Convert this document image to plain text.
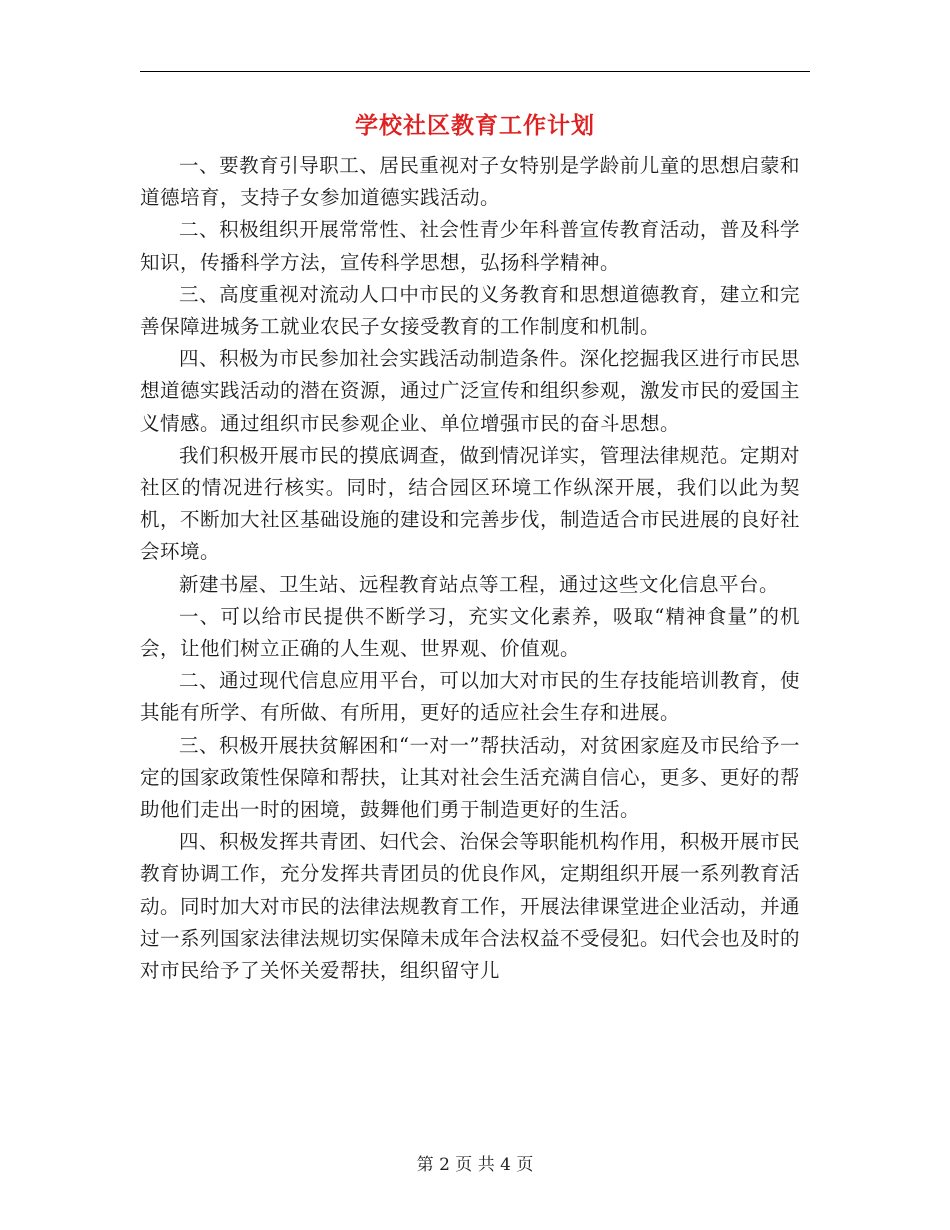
学校社区教育工作计划

一、要教育引导职工、居民重视对子女特别是学龄前儿童的思想启蒙和道德培育，支持子女参加道德实践活动。

二、积极组织开展常常性、社会性青少年科普宣传教育活动，普及科学知识，传播科学方法，宣传科学思想，弘扬科学精神。

三、高度重视对流动人口中市民的义务教育和思想道德教育，建立和完善保障进城务工就业农民子女接受教育的工作制度和机制。

四、积极为市民参加社会实践活动制造条件。深化挖掘我区进行市民思想道德实践活动的潜在资源，通过广泛宣传和组织参观，激发市民的爱国主义情感。通过组织市民参观企业、单位增强市民的奋斗思想。

我们积极开展市民的摸底调查，做到情况详实，管理法律规范。定期对社区的情况进行核实。同时，结合园区环境工作纵深开展，我们以此为契机，不断加大社区基础设施的建设和完善步伐，制造适合市民进展的良好社会环境。

新建书屋、卫生站、远程教育站点等工程，通过这些文化信息平台。

一、可以给市民提供不断学习，充实文化素养，吸取“精神食量”的机会，让他们树立正确的人生观、世界观、价值观。

二、通过现代信息应用平台，可以加大对市民的生存技能培训教育，使其能有所学、有所做、有所用，更好的适应社会生存和进展。

三、积极开展扶贫解困和“一对一”帮扶活动，对贫困家庭及市民给予一定的国家政策性保障和帮扶，让其对社会生活充满自信心，更多、更好的帮助他们走出一时的困境，鼓舞他们勇于制造更好的生活。

四、积极发挥共青团、妇代会、治保会等职能机构作用，积极开展市民教育协调工作，充分发挥共青团员的优良作风，定期组织开展一系列教育活动。同时加大对市民的法律法规教育工作，开展法律课堂进企业活动，并通过一系列国家法律法规切实保障未成年合法权益不受侵犯。妇代会也及时的对市民给予了关怀关爱帮扶，组织留守儿

第 2 页 共 4 页
